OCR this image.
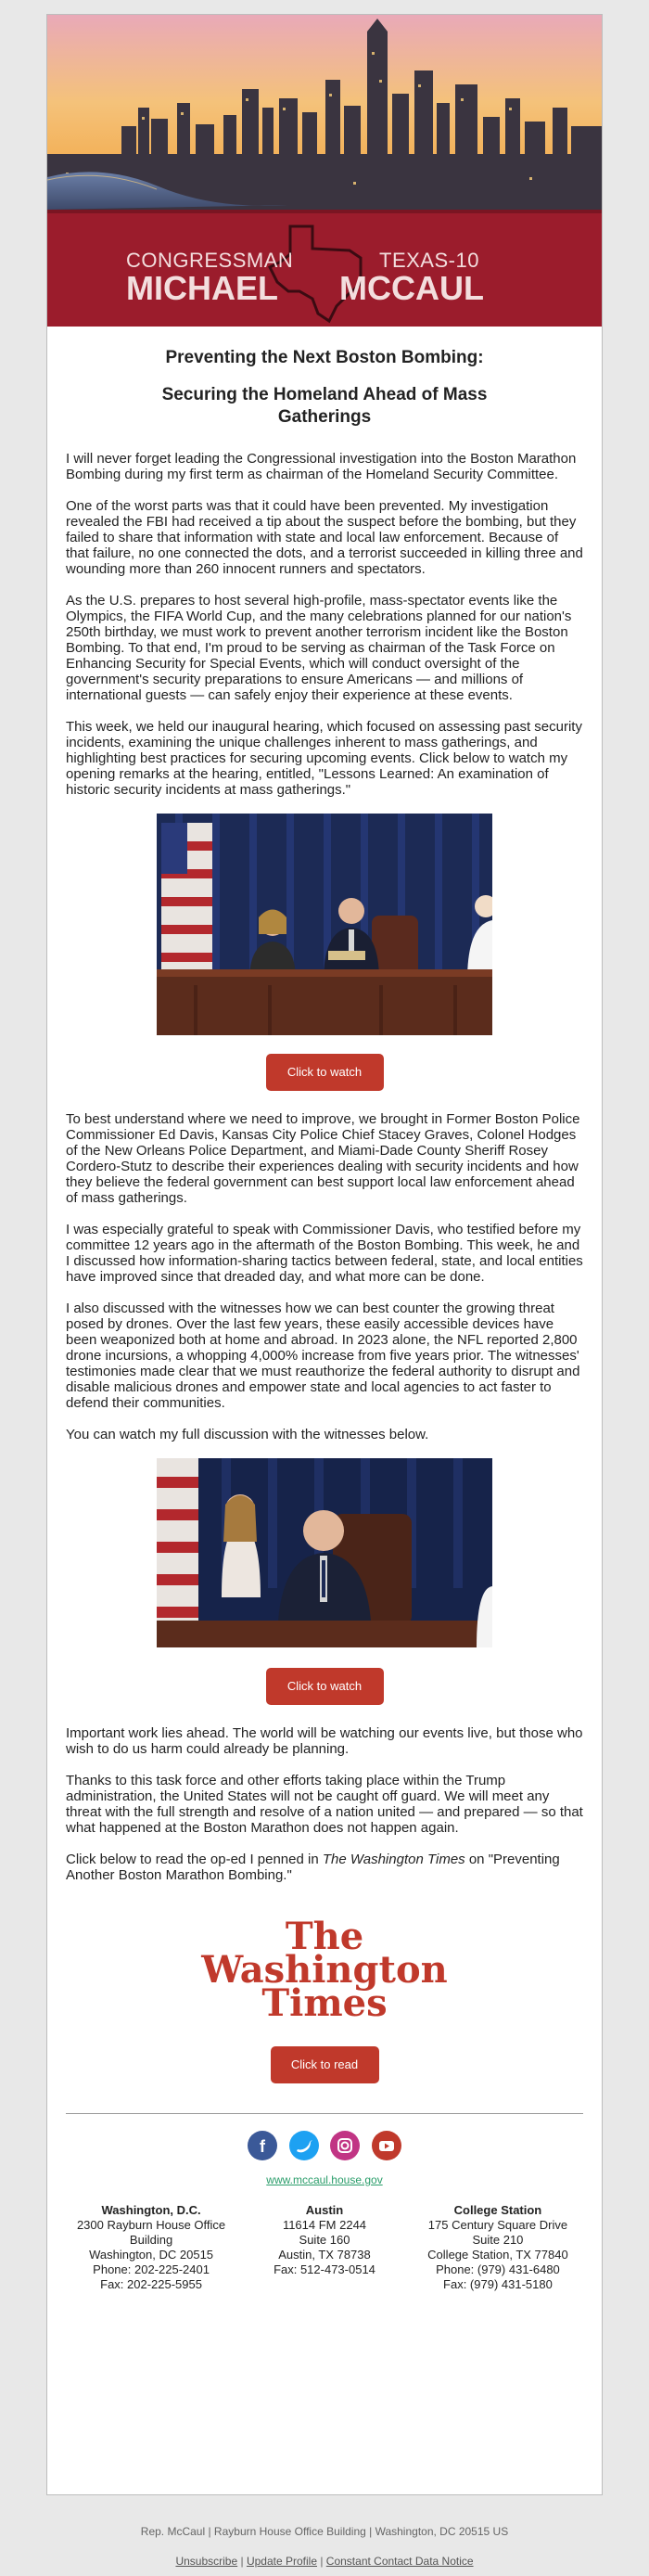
CONGRESSMAN	TEXAS-10
MICHAEL MCCAUL
Preventing the Next Boston Bombing:
Securing the Homeland Ahead of Mass Gatherings

I will never forget leading the Congressional investigation into the Boston Marathon Bombing during my first term as chairman of the Homeland Security Committee.

One of the worst parts was that it could have been prevented. My investigation revealed the FBI had received a tip about the suspect before the bombing, but they failed to share that information with state and local law enforcement. Because of that failure, no one connected the dots, and a terrorist succeeded in killing three and wounding more than 260 innocent runners and spectators.

As the U.S. prepares to host several high-profile, mass-spectator events like the Olympics, the FIFA World Cup, and the many celebrations planned for our nation's 250th birthday, we must work to prevent another terrorism incident like the Boston Bombing. To that end, I'm proud to be serving as chairman of the Task Force on Enhancing Security for Special Events, which will conduct oversight of the government's security preparations to ensure Americans — and millions of international guests — can safely enjoy their experience at these events.

This week, we held our inaugural hearing, which focused on assessing past security incidents, examining the unique challenges inherent to mass gatherings, and highlighting best practices for securing upcoming events. Click below to watch my opening remarks at the hearing, entitled, "Lessons Learned: An examination of historic security incidents at mass gatherings."

Click to watch

To best understand where we need to improve, we brought in Former Boston Police Commissioner Ed Davis, Kansas City Police Chief Stacey Graves, Colonel Hodges of the New Orleans Police Department, and Miami-Dade County Sheriff Rosey Cordero-Stutz to describe their experiences dealing with security incidents and how they believe the federal government can best support local law enforcement ahead of mass gatherings.

I was especially grateful to speak with Commissioner Davis, who testified before my committee 12 years ago in the aftermath of the Boston Bombing. This week, he and I discussed how information-sharing tactics between federal, state, and local entities have improved since that dreaded day, and what more can be done.

I also discussed with the witnesses how we can best counter the growing threat posed by drones. Over the last few years, these easily accessible devices have been weaponized both at home and abroad. In 2023 alone, the NFL reported 2,800 drone incursions, a whopping 4,000% increase from five years prior. The witnesses' testimonies made clear that we must reauthorize the federal authority to disrupt and disable malicious drones and empower state and local agencies to act faster to defend their communities.

You can watch my full discussion with the witnesses below.

Click to watch

Important work lies ahead. The world will be watching our events live, but those who wish to do us harm could already be planning.

Thanks to this task force and other efforts taking place within the Trump administration, the United States will not be caught off guard. We will meet any threat with the full strength and resolve of a nation united — and prepared — so that what happened at the Boston Marathon does not happen again.

Click below to read the op-ed I penned in The Washington Times on "Preventing Another Boston Marathon Bombing."

The
Washington
Times
Click to read
f

www.mccaul.house.gov
Washington, D.C.
2300 Rayburn House Office Building
Washington, DC 20515
Phone: 202-225-2401
Fax: 202-225-5955
Austin
11614 FM 2244
Suite 160
Austin, TX 78738
Fax: 512-473-0514
College Station
175 Century Square Drive
Suite 210
College Station, TX 77840
Phone: (979) 431-6480
Fax: (979) 431-5180
Rep. McCaul | Rayburn House Office Building | Washington, DC 20515 US
Unsubscribe | Update Profile | Constant Contact Data Notice
